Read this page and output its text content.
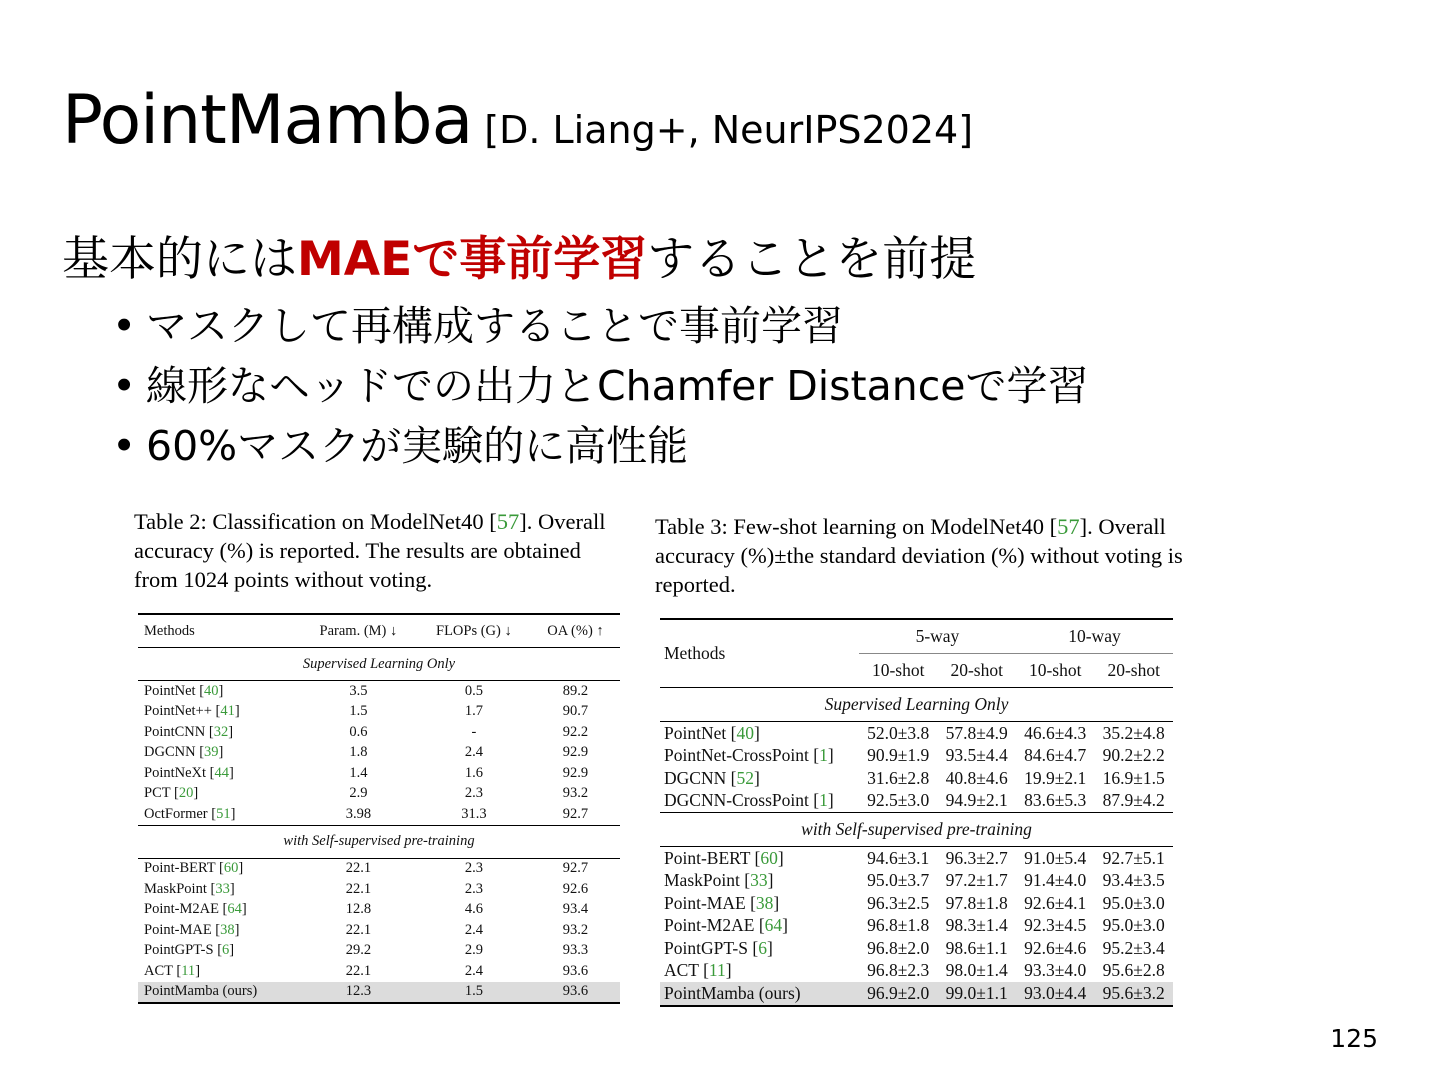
PointMamba [D. Liang+, NeurIPS2024]
基本的にはMAEで事前学習することを前提
• マスクして再構成することで事前学習
• 線形なヘッドでの出力とChamfer Distanceで学習
• 60%マスクが実験的に高性能
Table 2: Classification on ModelNet40 [57]. Overall accuracy (%) is reported. The results are obtained from 1024 points without voting.
Methods	Param. (M) ↓	FLOPs (G) ↓	OA (%) ↑
Supervised Learning Only			
PointNet [40]	3.5	0.5	89.2
PointNet++ [41]	1.5	1.7	90.7
PointCNN [32]	0.6	-	92.2
DGCNN [39]	1.8	2.4	92.9
PointNeXt [44]	1.4	1.6	92.9
PCT [20]	2.9	2.3	93.2
OctFormer [51]	3.98	31.3	92.7
with Self-supervised pre-training			
Point-BERT [60]	22.1	2.3	92.7
MaskPoint [33]	22.1	2.3	92.6
Point-M2AE [64]	12.8	4.6	93.4
Point-MAE [38]	22.1	2.4	93.2
PointGPT-S [6]	29.2	2.9	93.3
ACT [11]	22.1	2.4	93.6
PointMamba (ours)	12.3	1.5	93.6
Table 3: Few-shot learning on ModelNet40 [57]. Overall accuracy (%)±the standard deviation (%) without voting is reported.
Methods	5-way		10-way	
	10-shot	20-shot	10-shot	20-shot
Supervised Learning Only				
PointNet [40]	52.0±3.8	57.8±4.9	46.6±4.3	35.2±4.8
PointNet-CrossPoint [1]	90.9±1.9	93.5±4.4	84.6±4.7	90.2±2.2
DGCNN [52]	31.6±2.8	40.8±4.6	19.9±2.1	16.9±1.5
DGCNN-CrossPoint [1]	92.5±3.0	94.9±2.1	83.6±5.3	87.9±4.2
with Self-supervised pre-training				
Point-BERT [60]	94.6±3.1	96.3±2.7	91.0±5.4	92.7±5.1
MaskPoint [33]	95.0±3.7	97.2±1.7	91.4±4.0	93.4±3.5
Point-MAE [38]	96.3±2.5	97.8±1.8	92.6±4.1	95.0±3.0
Point-M2AE [64]	96.8±1.8	98.3±1.4	92.3±4.5	95.0±3.0
PointGPT-S [6]	96.8±2.0	98.6±1.1	92.6±4.6	95.2±3.4
ACT [11]	96.8±2.3	98.0±1.4	93.3±4.0	95.6±2.8
PointMamba (ours)	96.9±2.0	99.0±1.1	93.0±4.4	95.6±3.2
125
